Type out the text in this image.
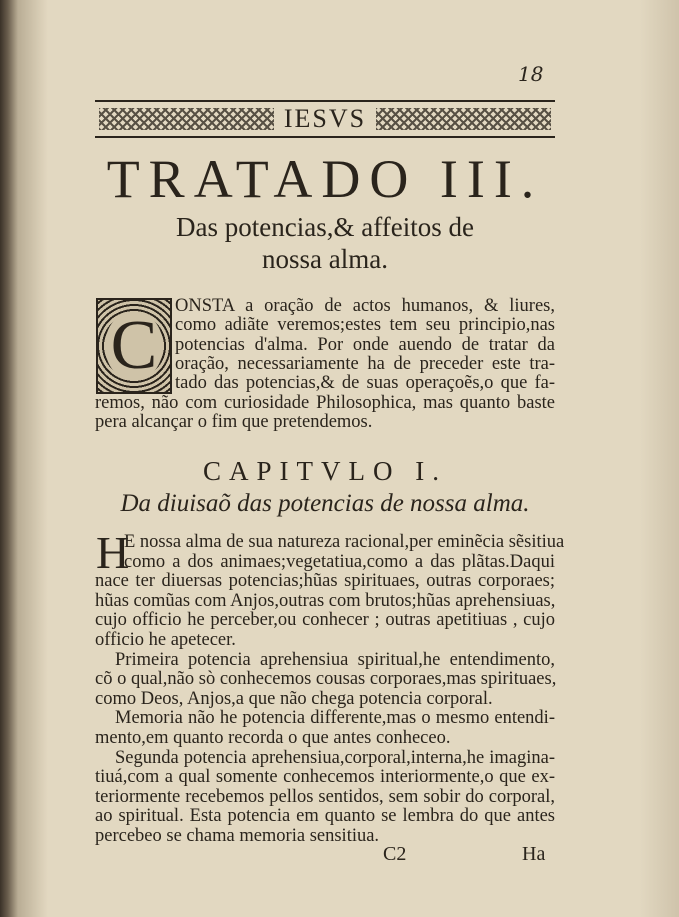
18
IESVS
TRATADO III.
Das potencias,& affeitos de
nossa alma.
C
ONSTA a oração de actos humanos, & liures,
como adiãte veremos;estes tem seu principio,nas
potencias d'alma. Por onde auendo de tratar da
oração, necessariamente ha de preceder este tra-
tado das potencias,& de suas operaçoẽs,o que fa-
remos, não com curiosidade Philosophica, mas quanto baste
pera alcançar o fim que pretendemos.
CAPITVLO I.
Da diuisaõ das potencias de nossa alma.
H
E nossa alma de sua natureza racional,per eminẽcia sẽsitiua
como a dos animaes;vegetatiua,como a das plãtas.Daqui
nace ter diuersas potencias;hũas spirituaes, outras corporaes;
hũas comũas com Anjos,outras com brutos;hũas aprehensiuas,
cujo officio he perceber,ou conhecer ; outras apetitiuas , cujo
officio he apetecer.
Primeira potencia aprehensiua spiritual,he entendimento,
cõ o qual,não sò conhecemos cousas corporaes,mas spirituaes,
como Deos, Anjos,a que não chega potencia corporal.
Memoria não he potencia differente,mas o mesmo entendi-
mento,em quanto recorda o que antes conheceo.
Segunda potencia aprehensiua,corporal,interna,he imagina-
tiuá,com a qual somente conhecemos interiormente,o que ex-
teriormente recebemos pellos sentidos, sem sobir do corporal,
ao spiritual. Esta potencia em quanto se lembra do que antes
percebeo se chama memoria sensitiua.
C2	Ha
